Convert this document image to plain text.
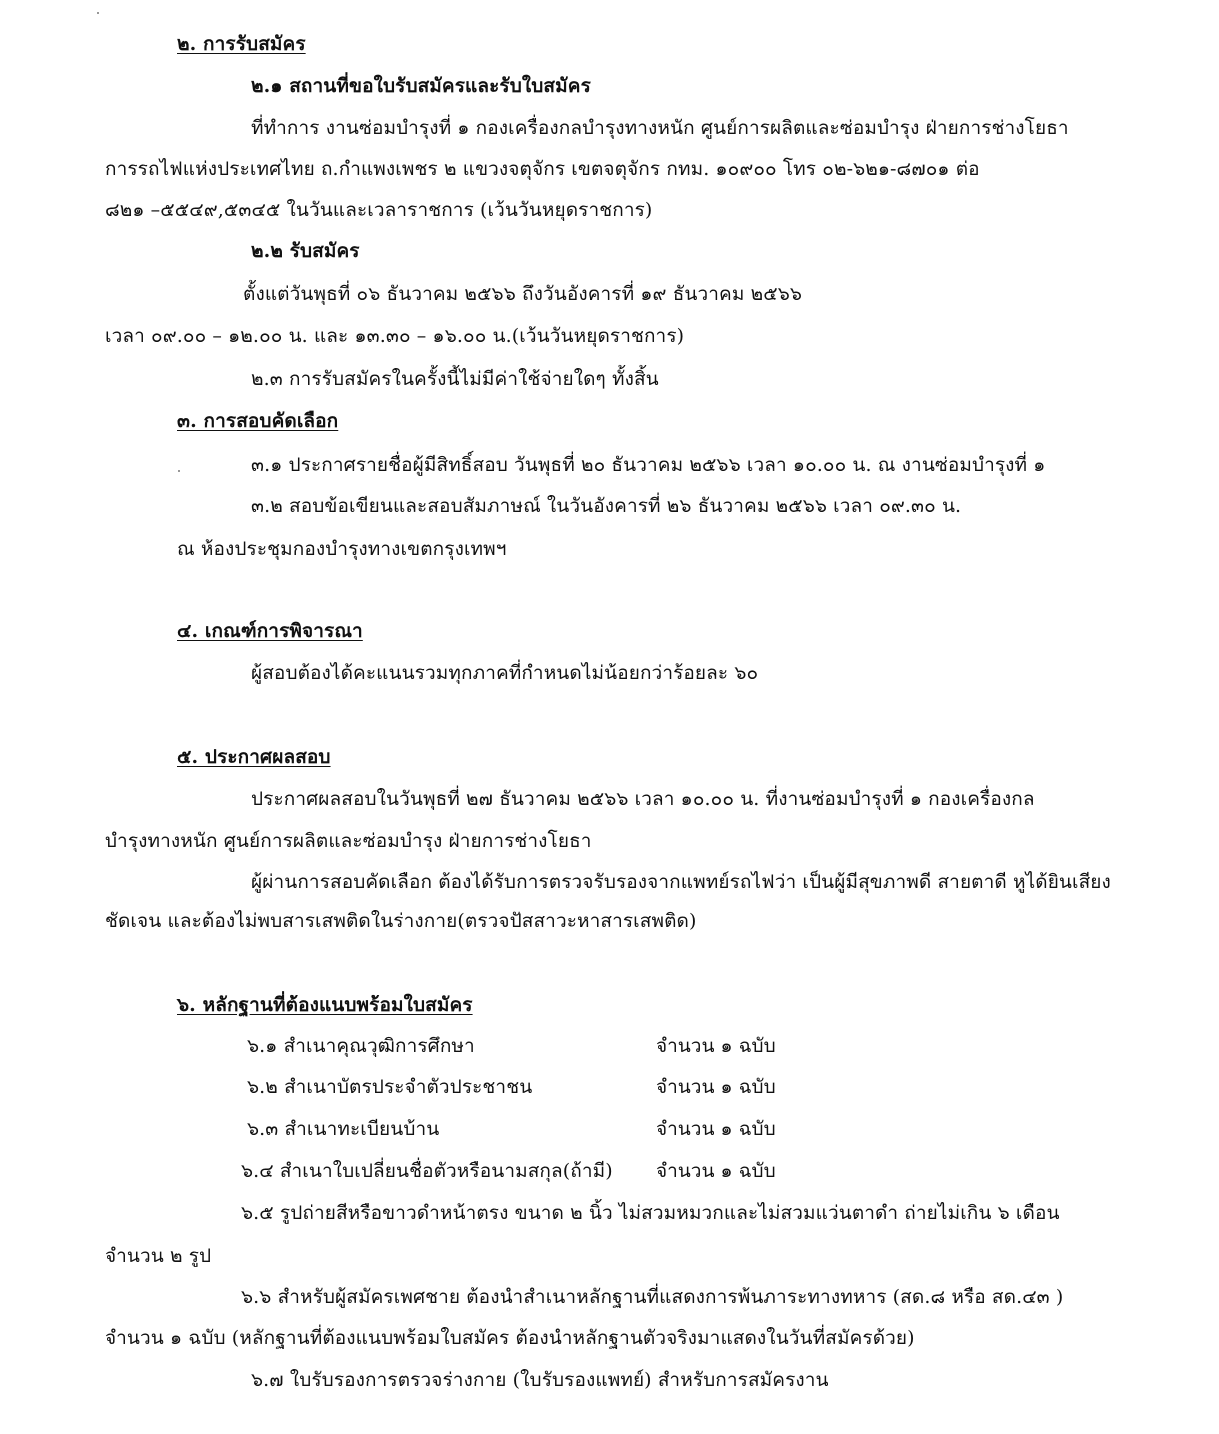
๒. การรับสมัคร
๒.๑ สถานที่ขอใบรับสมัครและรับใบสมัคร
ที่ทำการ งานซ่อมบำรุงที่ ๑ กองเครื่องกลบำรุงทางหนัก ศูนย์การผลิตและซ่อมบำรุง ฝ่ายการช่างโยธา
การรถไฟแห่งประเทศไทย ถ.กำแพงเพชร ๒ แขวงจตุจักร เขตจตุจักร กทม. ๑๐๙๐๐ โทร ๐๒-๖๒๑-๘๗๐๑ ต่อ
๘๒๑ –๕๕๔๙,๕๓๔๕ ในวันและเวลาราชการ (เว้นวันหยุดราชการ)
๒.๒ รับสมัคร
ตั้งแต่วันพุธที่ ๐๖ ธันวาคม ๒๕๖๖ ถึงวันอังคารที่ ๑๙ ธันวาคม ๒๕๖๖
เวลา ๐๙.๐๐ – ๑๒.๐๐ น. และ ๑๓.๓๐ – ๑๖.๐๐ น.(เว้นวันหยุดราชการ)
๒.๓ การรับสมัครในครั้งนี้ไม่มีค่าใช้จ่ายใดๆ ทั้งสิ้น
๓. การสอบคัดเลือก
๓.๑ ประกาศรายชื่อผู้มีสิทธิ์สอบ วันพุธที่ ๒๐ ธันวาคม ๒๕๖๖ เวลา ๑๐.๐๐ น. ณ งานซ่อมบำรุงที่ ๑
๓.๒ สอบข้อเขียนและสอบสัมภาษณ์ ในวันอังคารที่ ๒๖ ธันวาคม ๒๕๖๖ เวลา ๐๙.๓๐ น.
ณ ห้องประชุมกองบำรุงทางเขตกรุงเทพฯ
๔. เกณฑ์การพิจารณา
ผู้สอบต้องได้คะแนนรวมทุกภาคที่กำหนดไม่น้อยกว่าร้อยละ ๖๐
๕. ประกาศผลสอบ
ประกาศผลสอบในวันพุธที่ ๒๗ ธันวาคม ๒๕๖๖ เวลา ๑๐.๐๐ น. ที่งานซ่อมบำรุงที่ ๑ กองเครื่องกล
บำรุงทางหนัก ศูนย์การผลิตและซ่อมบำรุง ฝ่ายการช่างโยธา
ผู้ผ่านการสอบคัดเลือก ต้องได้รับการตรวจรับรองจากแพทย์รถไฟว่า เป็นผู้มีสุขภาพดี สายตาดี หูได้ยินเสียง
ชัดเจน และต้องไม่พบสารเสพติดในร่างกาย(ตรวจปัสสาวะหาสารเสพติด)
๖. หลักฐานที่ต้องแนบพร้อมใบสมัคร
๖.๑ สำเนาคุณวุฒิการศึกษา	จำนวน ๑ ฉบับ
๖.๒ สำเนาบัตรประจำตัวประชาชน	จำนวน ๑ ฉบับ
๖.๓ สำเนาทะเบียนบ้าน	จำนวน ๑ ฉบับ
๖.๔ สำเนาใบเปลี่ยนชื่อตัวหรือนามสกุล(ถ้ามี) จำนวน ๑ ฉบับ
๖.๕ รูปถ่ายสีหรือขาวดำหน้าตรง ขนาด ๒ นิ้ว ไม่สวมหมวกและไม่สวมแว่นตาดำ ถ่ายไม่เกิน ๖ เดือน
จำนวน ๒ รูป
๖.๖ สำหรับผู้สมัครเพศชาย ต้องนำสำเนาหลักฐานที่แสดงการพ้นภาระทางทหาร (สด.๘ หรือ สด.๔๓ )
จำนวน ๑ ฉบับ (หลักฐานที่ต้องแนบพร้อมใบสมัคร ต้องนำหลักฐานตัวจริงมาแสดงในวันที่สมัครด้วย)
๖.๗ ใบรับรองการตรวจร่างกาย (ใบรับรองแพทย์) สำหรับการสมัครงาน
